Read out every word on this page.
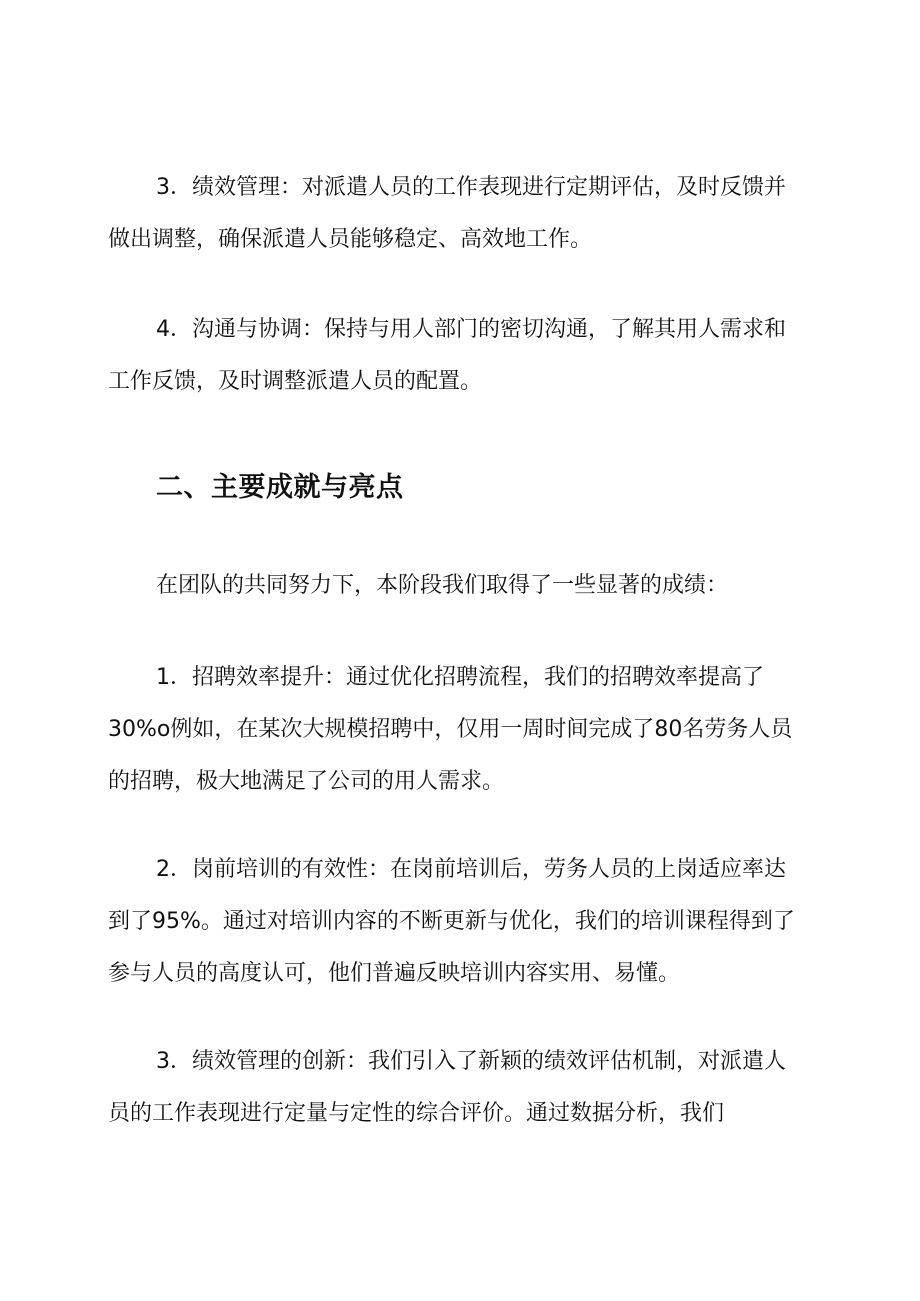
3．绩效管理：对派遣人员的工作表现进行定期评估，及时反馈并
做出调整，确保派遣人员能够稳定、高效地工作。
4．沟通与协调：保持与用人部门的密切沟通，了解其用人需求和
工作反馈，及时调整派遣人员的配置。
二、主要成就与亮点
在团队的共同努力下，本阶段我们取得了一些显著的成绩：
1．招聘效率提升：通过优化招聘流程，我们的招聘效率提高了
30%o例如，在某次大规模招聘中，仅用一周时间完成了80名劳务人员
的招聘，极大地满足了公司的用人需求。
2．岗前培训的有效性：在岗前培训后，劳务人员的上岗适应率达
到了95%。通过对培训内容的不断更新与优化，我们的培训课程得到了
参与人员的高度认可，他们普遍反映培训内容实用、易懂。
3．绩效管理的创新：我们引入了新颖的绩效评估机制，对派遣人
员的工作表现进行定量与定性的综合评价。通过数据分析，我们
